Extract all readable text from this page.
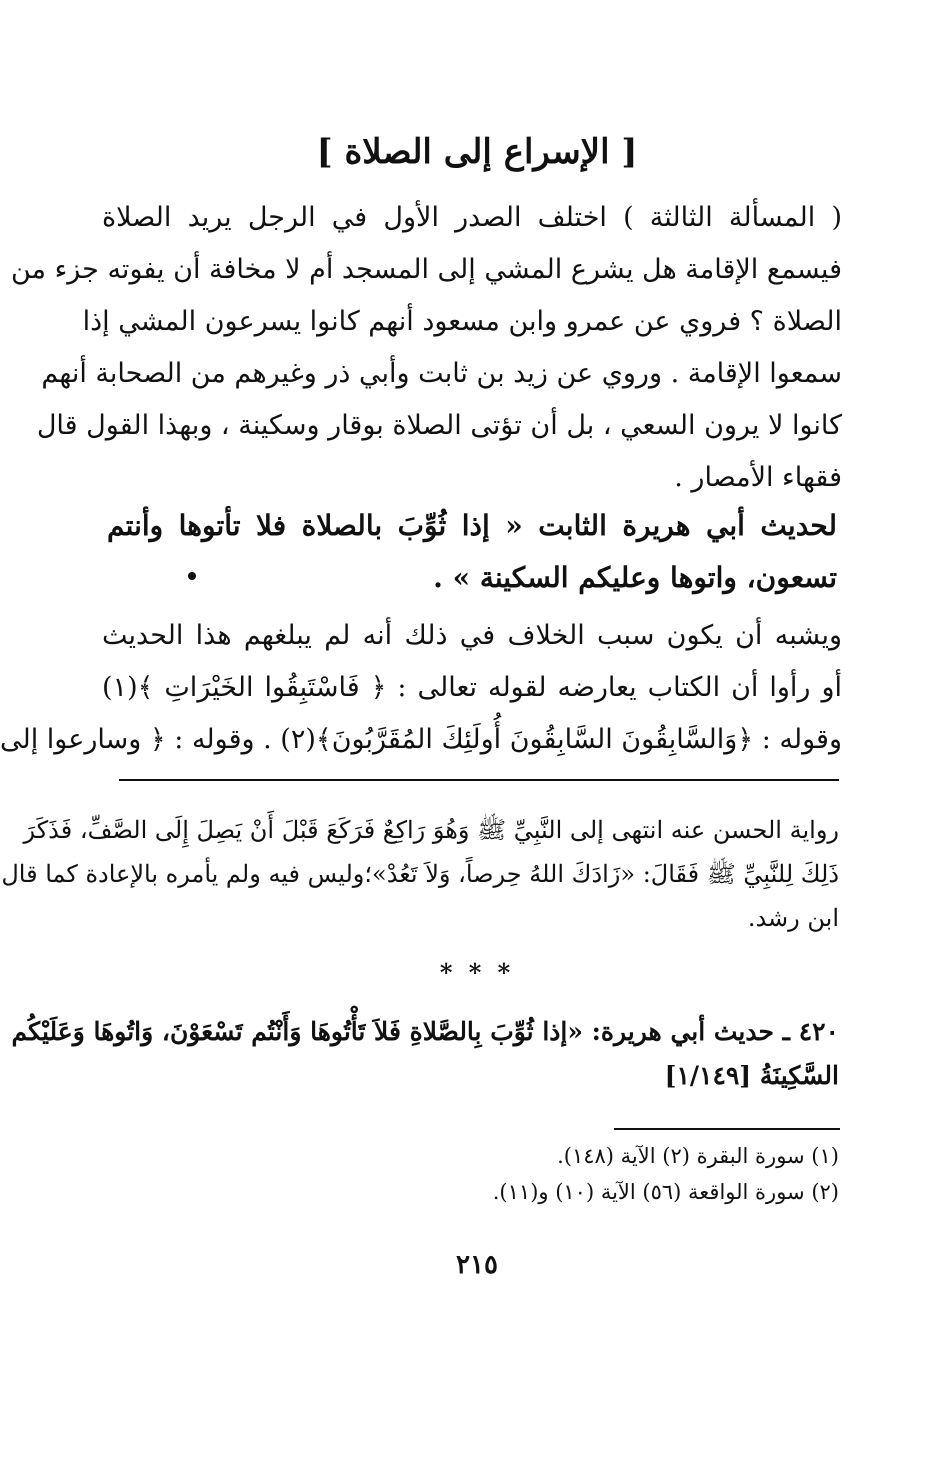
[ الإسراع إلى الصلاة ]
( المسألة الثالثة ) اختلف الصدر الأول في الرجل يريد الصلاة
فيسمع الإقامة هل يشرع المشي إلى المسجد أم لا مخافة أن يفوته جزء من
الصلاة ؟ فروي عن عمرو وابن مسعود أنهم كانوا يسرعون المشي إذا
سمعوا الإقامة . وروي عن زيد بن ثابت وأبي ذر وغيرهم من الصحابة أنهم
كانوا لا يرون السعي ، بل أن تؤتى الصلاة بوقار وسكينة ، وبهذا القول قال
فقهاء الأمصار .
لحديث أبي هريرة الثابت « إذا ثُوِّبَ بالصلاة فلا تأتوها وأنتم
تسعون، واتوها وعليكم السكينة » .
ويشبه أن يكون سبب الخلاف في ذلك أنه لم يبلغهم هذا الحديث
أو رأوا أن الكتاب يعارضه لقوله تعالى : ﴿ فَاسْتَبِقُوا الخَيْرَاتِ ﴾(١)
وقوله : ﴿وَالسَّابِقُونَ السَّابِقُونَ أُولَئِكَ المُقَرَّبُونَ﴾(٢) . وقوله : ﴿ وسارعوا إلى
رواية الحسن عنه انتهى إلى النَّبِيِّ ﷺ وَهُوَ رَاكِعٌ فَرَكَعَ قَبْلَ أَنْ يَصِلَ إِلَى الصَّفِّ، فَذَكَرَ
ذَلِكَ لِلنَّبِيِّ ﷺ فَقَالَ: «زَادَكَ اللهُ حِرصاً، وَلاَ تَعُدْ»؛وليس فيه ولم يأمره بالإعادة كما قال
ابن رشد.

* * *

٤٢٠ ـ حديث أبي هريرة: «إذا ثُوِّبَ بِالصَّلاةِ فَلاَ تَأْتُوهَا وَأَنْتُم تَسْعَوْنَ، وَاتُوهَا وَعَلَيْكُم
السَّكِينَةُ [١/١٤٩]

(١) سورة البقرة (٢) الآية (١٤٨).

(٢) سورة الواقعة (٥٦) الآية (١٠) و(١١).

٢١٥
